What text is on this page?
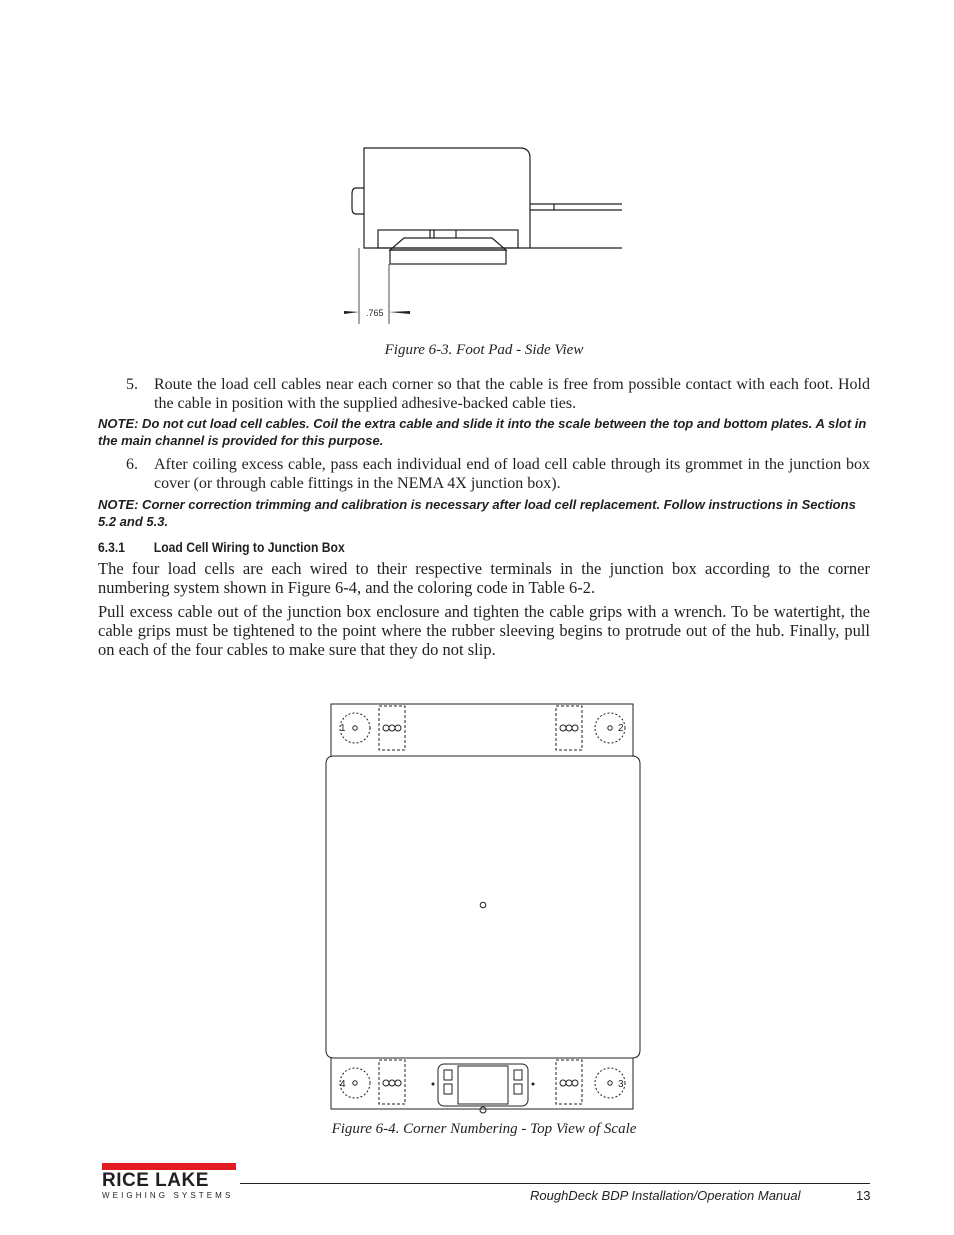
.765
Figure 6-3. Foot Pad - Side View
5. Route the load cell cables near each corner so that the cable is free from possible contact with each foot. Hold the cable in position with the supplied adhesive-backed cable ties.
NOTE: Do not cut load cell cables. Coil the extra cable and slide it into the scale between the top and bottom plates. A slot in the main channel is provided for this purpose.
6. After coiling excess cable, pass each individual end of load cell cable through its grommet in the junction box cover (or through cable fittings in the NEMA 4X junction box).
NOTE: Corner correction trimming and calibration is necessary after load cell replacement. Follow instructions in Sections 5.2 and 5.3.
6.3.1 Load Cell Wiring to Junction Box
The four load cells are each wired to their respective terminals in the junction box according to the corner numbering system shown in Figure 6-4, and the coloring code in Table 6-2.
Pull excess cable out of the junction box enclosure and tighten the cable grips with a wrench. To be watertight, the cable grips must be tightened to the point where the rubber sleeving begins to protrude out of the hub. Finally, pull on each of the four cables to make sure that they do not slip.
1	2
3
4
Figure 6-4. Corner Numbering - Top View of Scale
RICE LAKE
WEIGHING SYSTEMS	RoughDeck BDP Installation/Operation Manual	13
